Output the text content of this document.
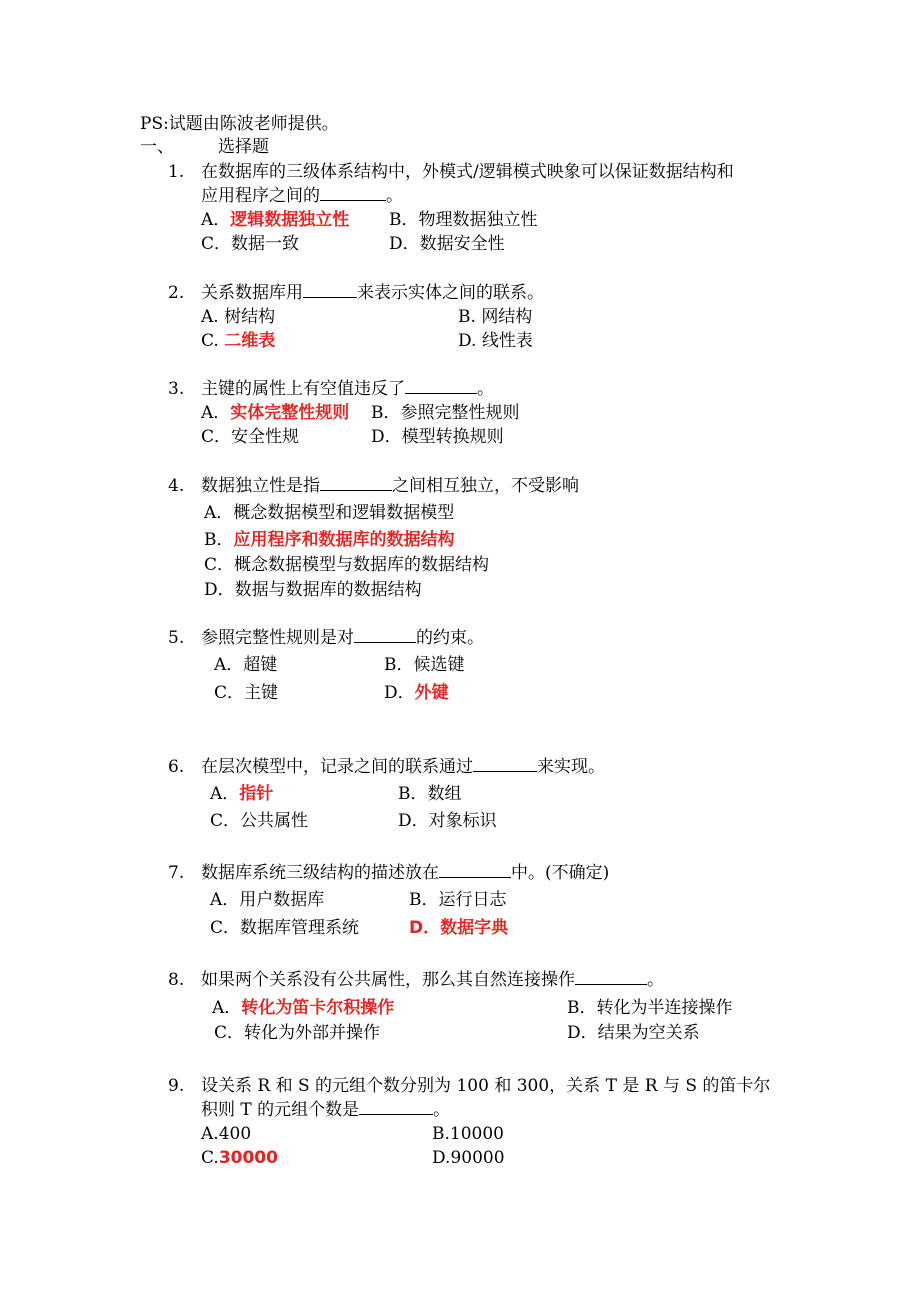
PS:试题由陈波老师提供。
一、	选择题
1. 在数据库的三级体系结构中，外模式/逻辑模式映象可以保证数据结构和
应用程序之间的	。
A．逻辑数据独立性 B．物理数据独立性
C．数据一致	D．数据安全性
2. 关系数据库用	来表示实体之间的联系。
A. 树结构	B. 网结构
C. 二维表	D. 线性表
3. 主键的属性上有空值违反了	。
A．实体完整性规则 B．参照完整性规则
C．安全性规	D．模型转换规则
4. 数据独立性是指	之间相互独立，不受影响
A．概念数据模型和逻辑数据模型
B．应用程序和数据库的数据结构
C．概念数据模型与数据库的数据结构
D．数据与数据库的数据结构
5. 参照完整性规则是对	的约束。
A．超键	B．候选键
C．主键	D．外键
6. 在层次模型中，记录之间的联系通过	来实现。
A．指针	B．数组
C．公共属性	D．对象标识
7. 数据库系统三级结构的描述放在	中。(不确定)
A．用户数据库	B．运行日志
C．数据库管理系统	D．数据字典
8. 如果两个关系没有公共属性，那么其自然连接操作	。
A．转化为笛卡尔积操作	B．转化为半连接操作
C．转化为外部并操作	D．结果为空关系
9. 设关系 R 和 S 的元组个数分别为 100 和 300，关系 T 是 R 与 S 的笛卡尔
积则 T 的元组个数是	。
A.400	B.10000
C.30000	D.90000
